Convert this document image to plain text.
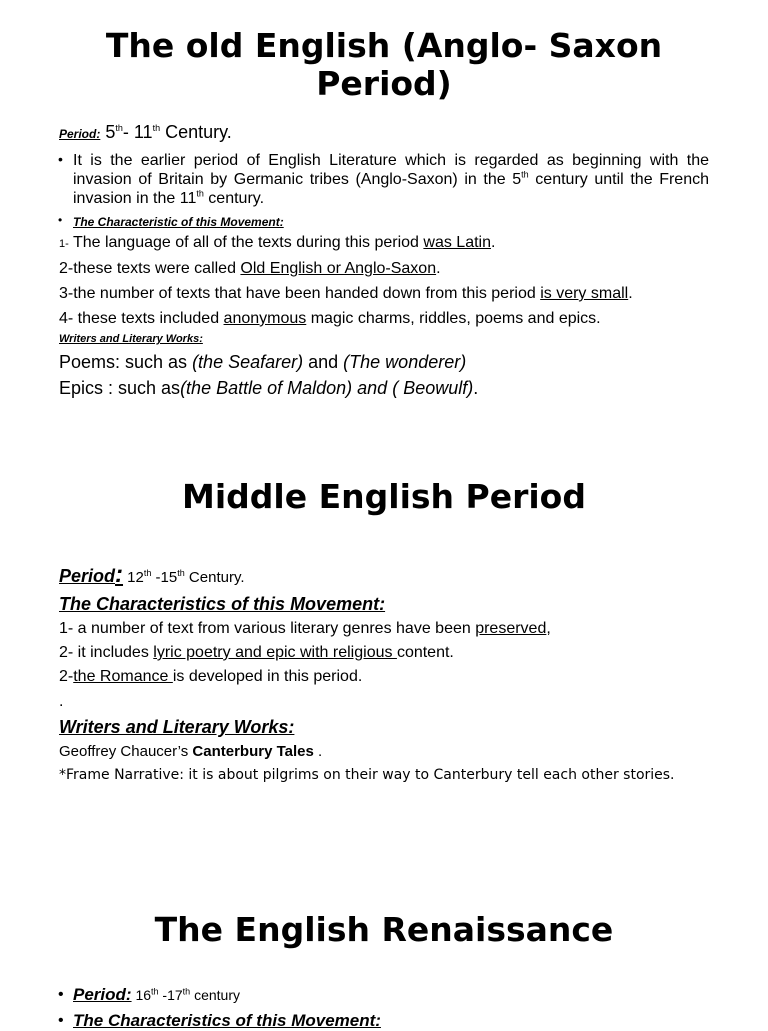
The old English (Anglo- Saxon
Period)
Period: 5th- 11th Century.
• It is the earlier period of English Literature which is regarded as beginning with the invasion of Britain by Germanic tribes (Anglo-Saxon) in the 5th century until the French invasion in the 11th century.
• The Characteristic of this Movement:
1- The language of all of the texts during this period was Latin.
2-these texts were called Old English or Anglo-Saxon.
3-the number of texts that have been handed down from this period is very small.
4- these texts included anonymous magic charms, riddles, poems and epics.
Writers and Literary Works:
Poems: such as (the Seafarer) and (The wonderer)
Epics : such as(the Battle of Maldon) and ( Beowulf).
Middle English Period
Period: 12th -15th Century.
The Characteristics of this Movement:
1- a number of text from various literary genres have been preserved,
2- it includes lyric poetry and epic with religious content.
2-the Romance is developed in this period.
.
Writers and Literary Works:
Geoffrey Chaucer’s Canterbury Tales .
*Frame Narrative: it is about pilgrims on their way to Canterbury tell each other stories.
The English Renaissance
• Period: 16th -17th century
• The Characteristics of this Movement:
